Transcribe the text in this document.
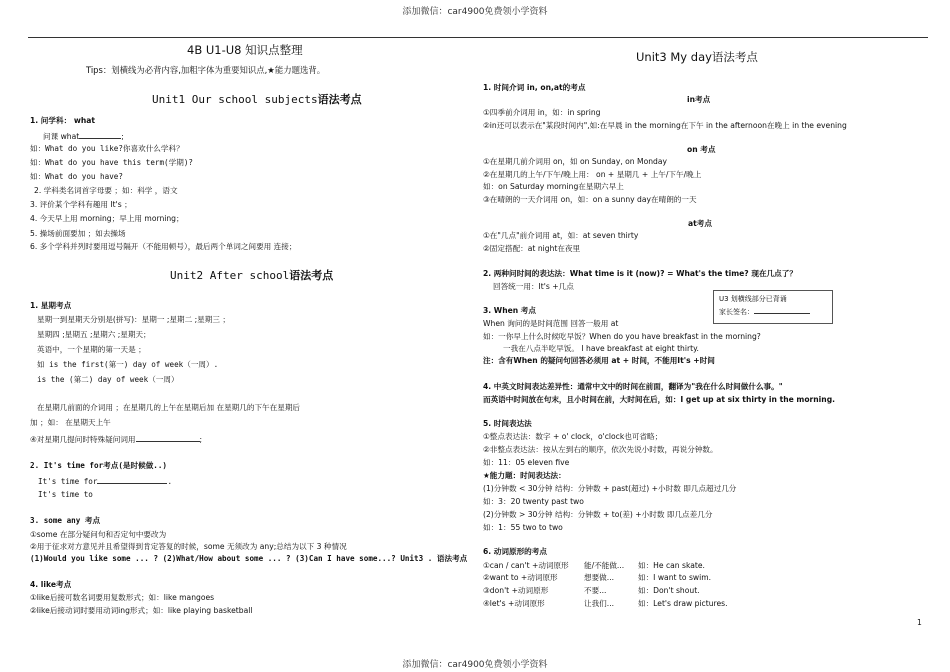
添加微信：car4900免费领小学资料
添加微信：car4900免费领小学资料
4B U1-U8 知识点整理
Tips：划横线为必背内容,加粗字体为重要知识点,★能力题选背。
Unit1 Our school subjects语法考点
1. 问学科： what
问课 what	;
如：What do you like?你喜欢什么学科？
如：What do you have this term(学期)?
如：What do you have?
2. 学科类名词首字母要 ；如：科学 ，语文
3. 评价某个学科有趣用 It's ；
4. 今天早上用 morning；早上用 morning；
5. 操场前面要加 ；如去操场
6. 多个学科并列时要用逗号隔开（不能用顿号），最后两个单词之间要用 连接；
Unit2 After school语法考点
1. 星期考点
星期一到星期天分别是(拼写)：星期一 ;星期二 ;星期三 ；
星期四 ;星期五 ;星期六 ;星期天；
英语中，一个星期的第一天是 ；
如 is the first(第一) day of week（一周）.
is the (第二) day of week（一周）
在星期几前面的介词用 ；在星期几的上午在星期后加 在星期几的下午在星期后
加 ；如： 在星期天上午
④对星期几提问时特殊疑问词用	;
2. It's time for考点(是时候做..)
It's time for	.
It's time to
3. some any 考点
①some 在部分疑问句和否定句中要改为
②用于征求对方意见并且希望得到肯定答复的时候，some 无须改为 any;总结为以下 3 种情况
(1)Would you like some ... ? (2)What/How about some ... ? (3)Can I have some...? Unit3 . 语法考点
4. like考点
①like后接可数名词要用复数形式；如：like mangoes
②like后接动词时要用动词ing形式；如：like playing basketball
Unit3 My day语法考点
1. 时间介词 in, on,at的考点
in考点
①四季前介词用 in，如：in spring
②in还可以表示在"某段时间内",如:在早晨 in the morning在下午 in the afternoon在晚上 in the evening
on 考点
①在星期几前介词用 on，如 on Sunday, on Monday
②在星期几的上午/下午/晚上用： on + 星期几 + 上午/下午/晚上
如：on Saturday morning在星期六早上
③在晴朗的一天介词用 on，如：on a sunny day在晴朗的一天
at考点
①在"几点"前介词用 at，如：at seven thirty
②固定搭配：at night在夜里
2. 两种问时间的表达法：What time is it (now)? = What's the time? 现在几点了？
回答统一用：It's +几点
U3 划横线部分已背诵
家长签名：
3. When 考点
When 询问的是时间范围 回答一般用 at
如：一你早上什么时候吃早饭？When do you have breakfast in the morning?
一我在八点半吃早饭。 I have breakfast at eight thirty.
注：含有When 的疑问句回答必须用 at + 时间，不能用It's +时间
4. 中英文时间表达差异性：通常中文中的时间在前面，翻译为"我在什么时间做什么事。"
而英语中时间放在句末，且小时间在前，大时间在后，如：I get up at six thirty in the morning.
5. 时间表达法
①整点表达法：数字 + o' clock，o'clock也可省略；
②非整点表达法：按从左到右的顺序，依次先说小时数，再说分钟数。
如：11：05 eleven five
★能力题：时间表达法：
(1)分钟数 < 30分钟 结构：分钟数 + past(超过) +小时数 即几点超过几分
如：3：20 twenty past two
(2)分钟数 > 30分钟 结构：分钟数 + to(差) +小时数 即几点差几分
如：1：55 two to two
6. 动词原形的考点
①can / can't +动词原形 能/不能做... 如：He can skate.
②want to +动词原形	想要做...	如：I want to swim.
③don't +动词原形	不要...	如：Don't shout.
④let's +动词原形	让我们...	如：Let's draw pictures.
1
